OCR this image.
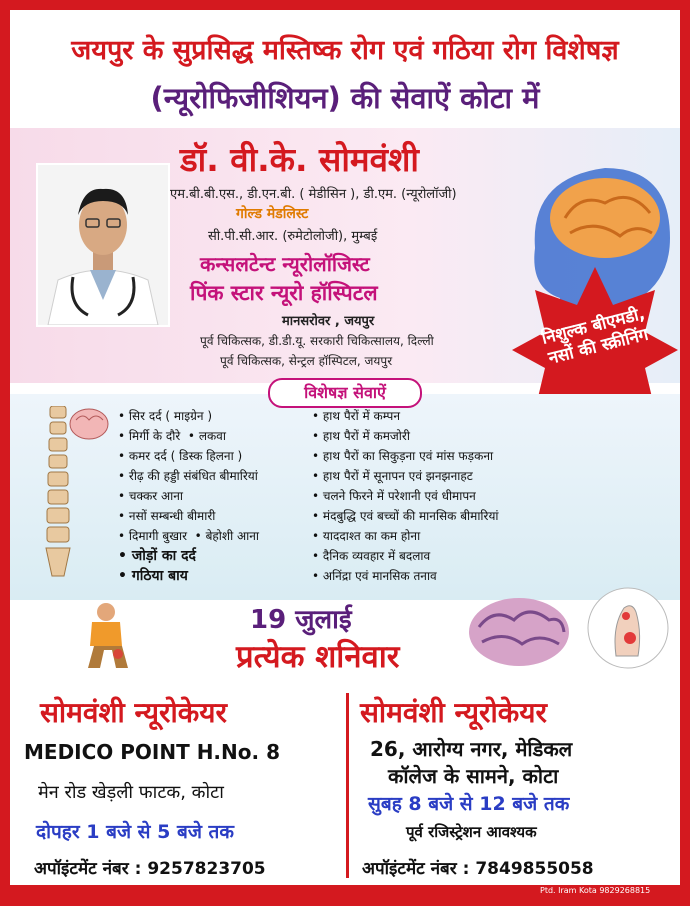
जयपुर के सुप्रसिद्ध मस्तिष्क रोग एवं गठिया रोग विशेषज्ञ
(न्यूरोफिजीशियन) की सेवाऐं कोटा में
डॉ. वी.के. सोमवंशी
एम.बी.बी.एस., डी.एन.बी. ( मेडीसिन ), डी.एम. (न्यूरोलॉजी)
गोल्ड मेडलिस्ट
सी.पी.सी.आर. (रुमेटोलोजी), मुम्बई
कन्सलटेन्ट न्यूरोलॉजिस्ट
पिंक स्टार न्यूरो हॉस्पिटल
मानसरोवर , जयपुर
पूर्व चिकित्सक, डी.डी.यू. सरकारी चिकित्सालय, दिल्ली
पूर्व चिकित्सक, सेन्ट्रल हॉस्पिटल, जयपुर
निशुल्क बीएमडी, नसों की स्क्रीनिंग
विशेषज्ञ सेवाऐं
• सिर दर्द ( माइग्रेन )
• मिर्गी के दौरे  • लकवा
• कमर दर्द ( डिस्क हिलना )
• रीढ़ की हड्डी संबंधित बीमारियां
• चक्कर आना
• नसों सम्बन्धी बीमारी
• दिमागी बुखार  • बेहोशी आना
• जोड़ों का दर्द
• गठिया बाय
• हाथ पैरों में कम्पन
• हाथ पैरों में कमजोरी
• हाथ पैरों का सिकुड़ना एवं मांस फड़कना
• हाथ पैरों में सूनापन एवं झनझनाहट
• चलने फिरने में परेशानी एवं धीमापन
• मंदबुद्धि एवं बच्चों की मानसिक बीमारियां
• याददाश्त का कम होना
• दैनिक व्यवहार में बदलाव
• अनिंद्रा एवं मानसिक तनाव
19 जुलाई
प्रत्येक शनिवार
सोमवंशी न्यूरोकेयर	सोमवंशी न्यूरोकेयर
MEDICO POINT H.No. 8
मेन रोड खेड़ली फाटक, कोटा
दोपहर 1 बजे से 5 बजे तक
अपॉइंटमेंट नंबर : 9257823705
26, आरोग्य नगर, मेडिकल
कॉलेज के सामने, कोटा
सुबह 8 बजे से 12 बजे तक
पूर्व रजिस्ट्रेशन आवश्यक
अपॉइंटमेंट नंबर : 7849855058
Ptd. Iram Kota 9829268815
